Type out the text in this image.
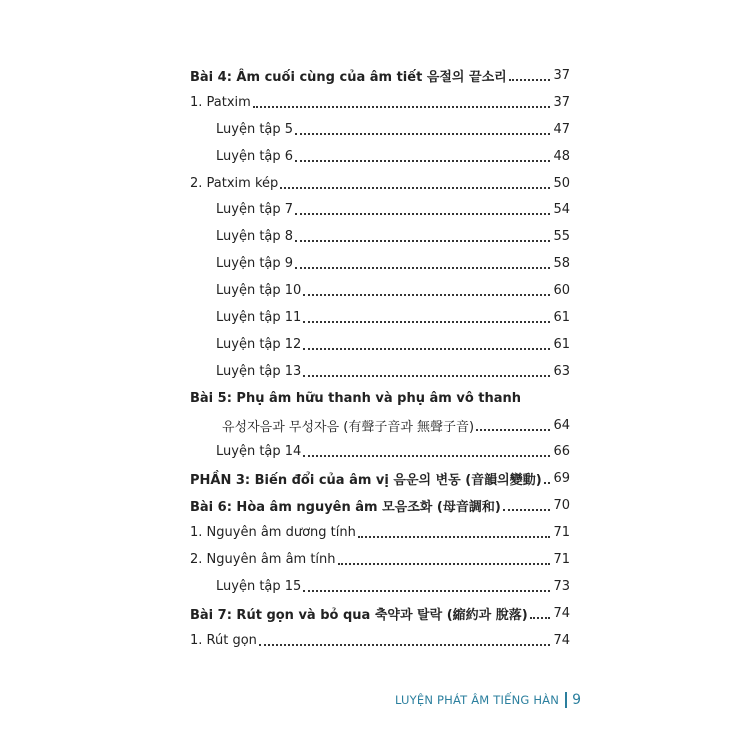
Bài 4: Âm cuối cùng của âm tiết 음절의 끝소리	37
1. Patxim	37
Luyện tập 5	47
Luyện tập 6	48
2. Patxim kép	50
Luyện tập 7	54
Luyện tập 8	55
Luyện tập 9	58
Luyện tập 10	60
Luyện tập 11	61
Luyện tập 12	61
Luyện tập 13	63
Bài 5: Phụ âm hữu thanh và phụ âm vô thanh
유성자음과 무성자음 (有聲子音과 無聲子音)	64
Luyện tập 14	66
PHẦN 3: Biến đổi của âm vị 음운의 변동 (音韻의變動) 69
Bài 6: Hòa âm nguyên âm 모음조화 (母音調和)	70
1. Nguyên âm dương tính	71
2. Nguyên âm âm tính	71
Luyện tập 15	73
Bài 7: Rút gọn và bỏ qua 축약과 탈락 (縮約과 脫落) 74
1. Rút gọn	74
LUYỆN PHÁT ÂM TIẾNG HÀN 9
